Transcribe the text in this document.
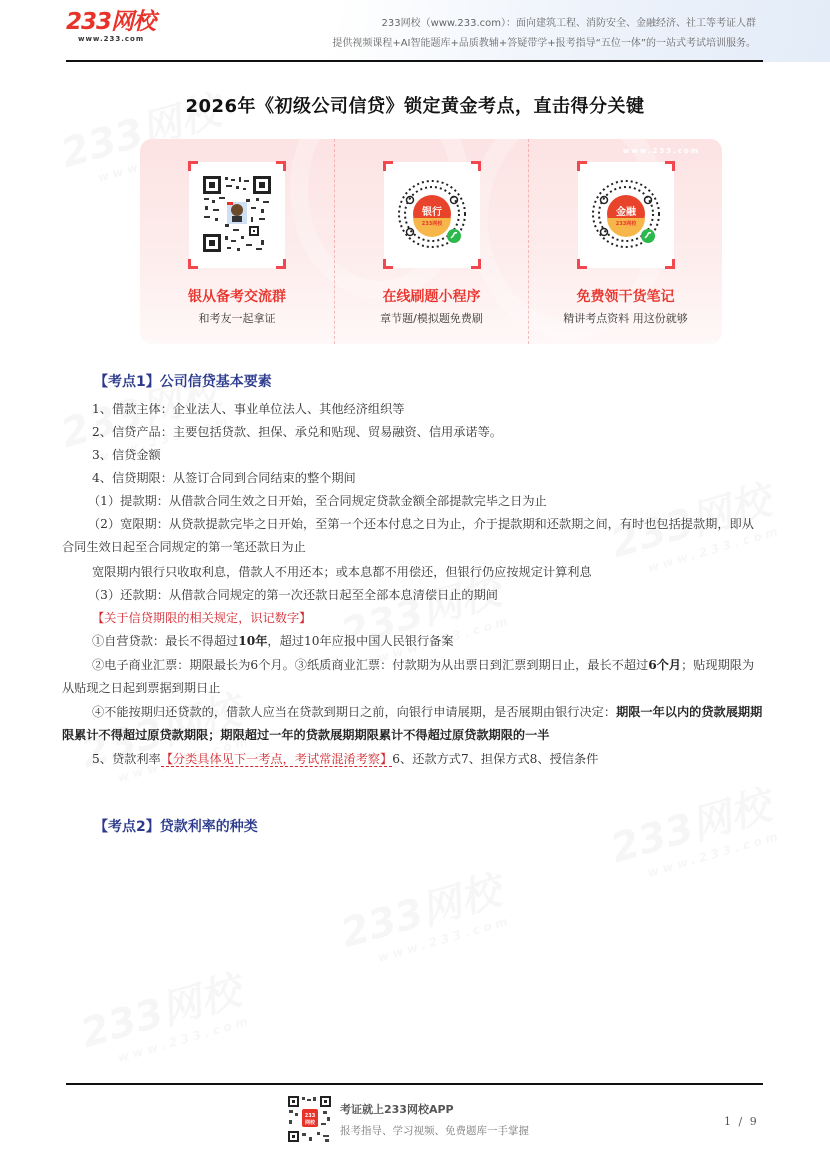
233网校
www.233.com
233网校（www.233.com）：面向建筑工程、消防安全、金融经济、社工等考证人群
提供视频课程+AI智能题库+品质教辅+答疑带学+报考指导“五位一体”的一站式考试培训服务。
2026年《初级公司信贷》锁定黄金考点，直击得分关键
www.233.com
银从备考交流群
和考友一起拿证
银行
233网校
在线刷题小程序
章节题/模拟题免费刷
金融
233网校
免费领干货笔记
精讲考点资料 用这份就够
【考点1】公司信贷基本要素
1、借款主体：企业法人、事业单位法人、其他经济组织等
2、信贷产品：主要包括贷款、担保、承兑和贴现、贸易融资、信用承诺等。
3、信贷金额
4、信贷期限：从签订合同到合同结束的整个期间
（1）提款期：从借款合同生效之日开始，至合同规定贷款金额全部提款完毕之日为止
（2）宽限期：从贷款提款完毕之日开始，至第一个还本付息之日为止，介于提款期和还款期之间，有时也包括提款期，即从合同生效日起至合同规定的第一笔还款日为止
宽限期内银行只收取利息，借款人不用还本；或本息都不用偿还，但银行仍应按规定计算利息
（3）还款期：从借款合同规定的第一次还款日起至全部本息清偿日止的期间
【关于信贷期限的相关规定，识记数字】
①自营贷款：最长不得超过10年，超过10年应报中国人民银行备案
②电子商业汇票：期限最长为6个月。③纸质商业汇票：付款期为从出票日到汇票到期日止，最长不超过6个月；贴现期限为从贴现之日起到票据到期日止
④不能按期归还贷款的，借款人应当在贷款到期日之前，向银行申请展期，是否展期由银行决定：期限一年以内的贷款展期期限累计不得超过原贷款期限；期限超过一年的贷款展期期限累计不得超过原贷款期限的一半
5、贷款利率【分类具体见下一考点，考试常混淆考察】6、还款方式7、担保方式8、授信条件
【考点2】贷款利率的种类
233
网校
考证就上233网校APP
报考指导、学习视频、免费题库一手掌握
1 / 9
